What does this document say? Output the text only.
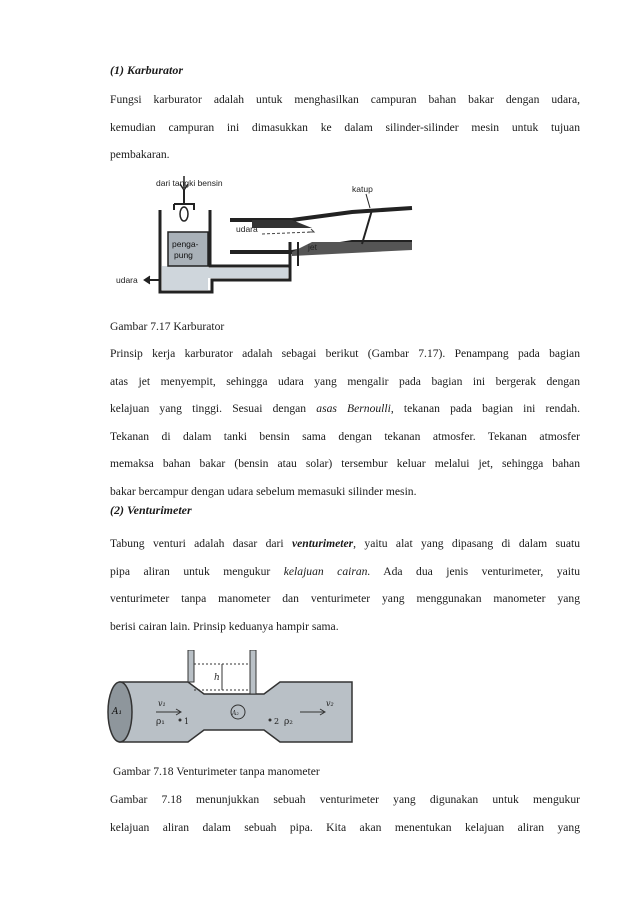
(1) Karburator
Fungsi karburator adalah untuk menghasilkan campuran bahan bakar dengan udara,
kemudian campuran ini dimasukkan ke dalam silinder-silinder mesin untuk tujuan
pembakaran.
dari tangki bensin
udara
katup
jet
penga-
pung
udara
Gambar 7.17 Karburator
Prinsip kerja karburator adalah sebagai berikut (Gambar 7.17). Penampang pada bagian
atas jet menyempit, sehingga udara yang mengalir pada bagian ini bergerak dengan
kelajuan yang tinggi. Sesuai dengan asas Bernoulli, tekanan pada bagian ini rendah.
Tekanan di dalam tanki bensin sama dengan tekanan atmosfer. Tekanan atmosfer
memaksa bahan bakar (bensin atau solar) tersembur keluar melalui jet, sehingga bahan
bakar bercampur dengan udara sebelum memasuki silinder mesin.
(2) Venturimeter
Tabung venturi adalah dasar dari venturimeter, yaitu alat yang dipasang di dalam suatu
pipa aliran untuk mengukur kelajuan cairan. Ada dua jenis venturimeter, yaitu
venturimeter tanpa manometer dan venturimeter yang menggunakan manometer yang
berisi cairan lain. Prinsip keduanya hampir sama.
h
A₁
v₁
ρ₁ 1
A₂
2 ρ₂
v₂
Gambar 7.18 Venturimeter tanpa manometer
Gambar 7.18 menunjukkan sebuah venturimeter yang digunakan untuk mengukur
kelajuan aliran dalam sebuah pipa. Kita akan menentukan kelajuan aliran yang
